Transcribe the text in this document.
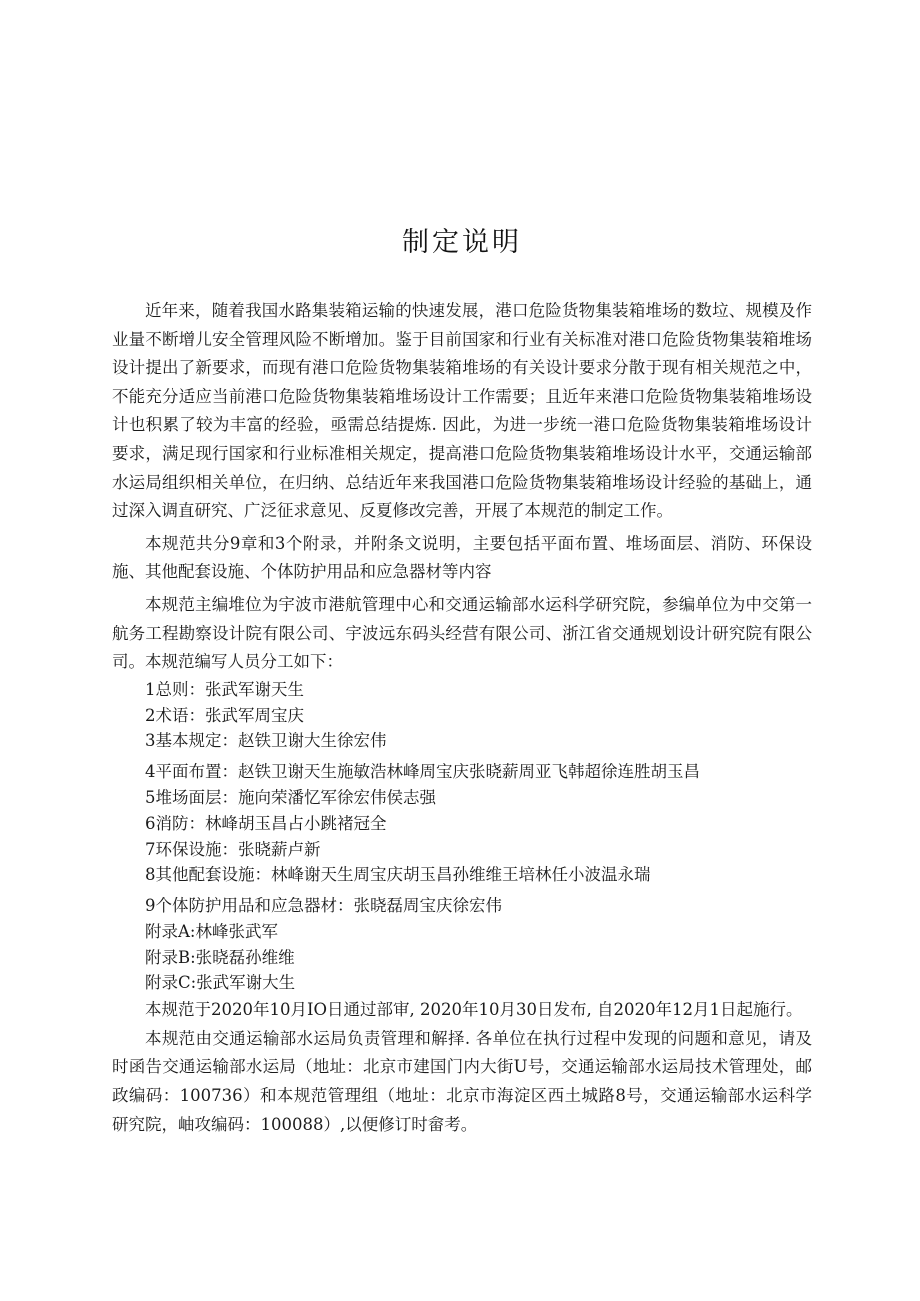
制定说明

近年来，随着我国水路集装箱运输的快速发展，港口危险货物集装箱堆场的数垃、规模及作业量不断增儿安全管理风险不断增加。鉴于目前国家和行业有关标准对港口危险货物集装箱堆场设计提出了新要求，而现有港口危险货物集装箱堆场的有关设计要求分散于现有相关规范之中，不能充分适应当前港口危险货物集装箱堆场设计工作需要；且近年来港口危险货物集装箱堆场设计也积累了较为丰富的经验，亟需总结提炼. 因此，为进一步统一港口危险货物集装箱堆场设计要求，满足现行国家和行业标准相关规定，提高港口危险货物集装箱堆场设计水平，交通运输部水运局组织相关单位，在归纳、总结近年来我国港口危险货物集装箱堆场设计经验的基础上，通过深入调直研究、广泛征求意见、反夏修改完善，开展了本规范的制定工作。

本规范共分9章和3个附录，并附条文说明，主要包括平面布置、堆场面层、消防、环保设施、其他配套设施、个体防护用品和应急器材等内容

本规范主编堆位为宇波市港航管理中心和交通运输部水运科学研究院，参编单位为中交第一航务工程勘察设计院有限公司、宇波远东码头经营有限公司、浙江省交通规划设计研究院有限公司。本规范编写人员分工如下：

1总则：张武军谢天生
2术语：张武军周宝庆
3基本规定：赵铁卫谢大生徐宏伟
4平面布置：赵铁卫谢天生施敏浩林峰周宝庆张晓薪周亚飞韩超徐连胜胡玉昌
5堆场面层：施向荣潘忆军徐宏伟侯志强
6消防：林峰胡玉昌占小跳褚冠全
7环保设施：张晓薪卢新
8其他配套设施：林峰谢天生周宝庆胡玉昌孙维维王培林任小波温永瑞
9个体防护用品和应急器材：张晓磊周宝庆徐宏伟
附录A:林峰张武军
附录B:张晓磊孙维维
附录C:张武军谢大生

本规范于2020年10月IO日通过部审, 2020年10月30日发布, 自2020年12月1日起施行。

本规范由交通运输部水运局负责管理和解择. 各单位在执行过程中发现的问题和意见，请及时函告交通运输部水运局（地址：北京市建国门内大街U号，交通运输部水运局技术管理处，邮政编码：100736）和本规范管理组（地址：北京市海淀区西土城路8号，交通运输部水运科学研究院，岫攻编码：100088）,以便修订时畲考。
